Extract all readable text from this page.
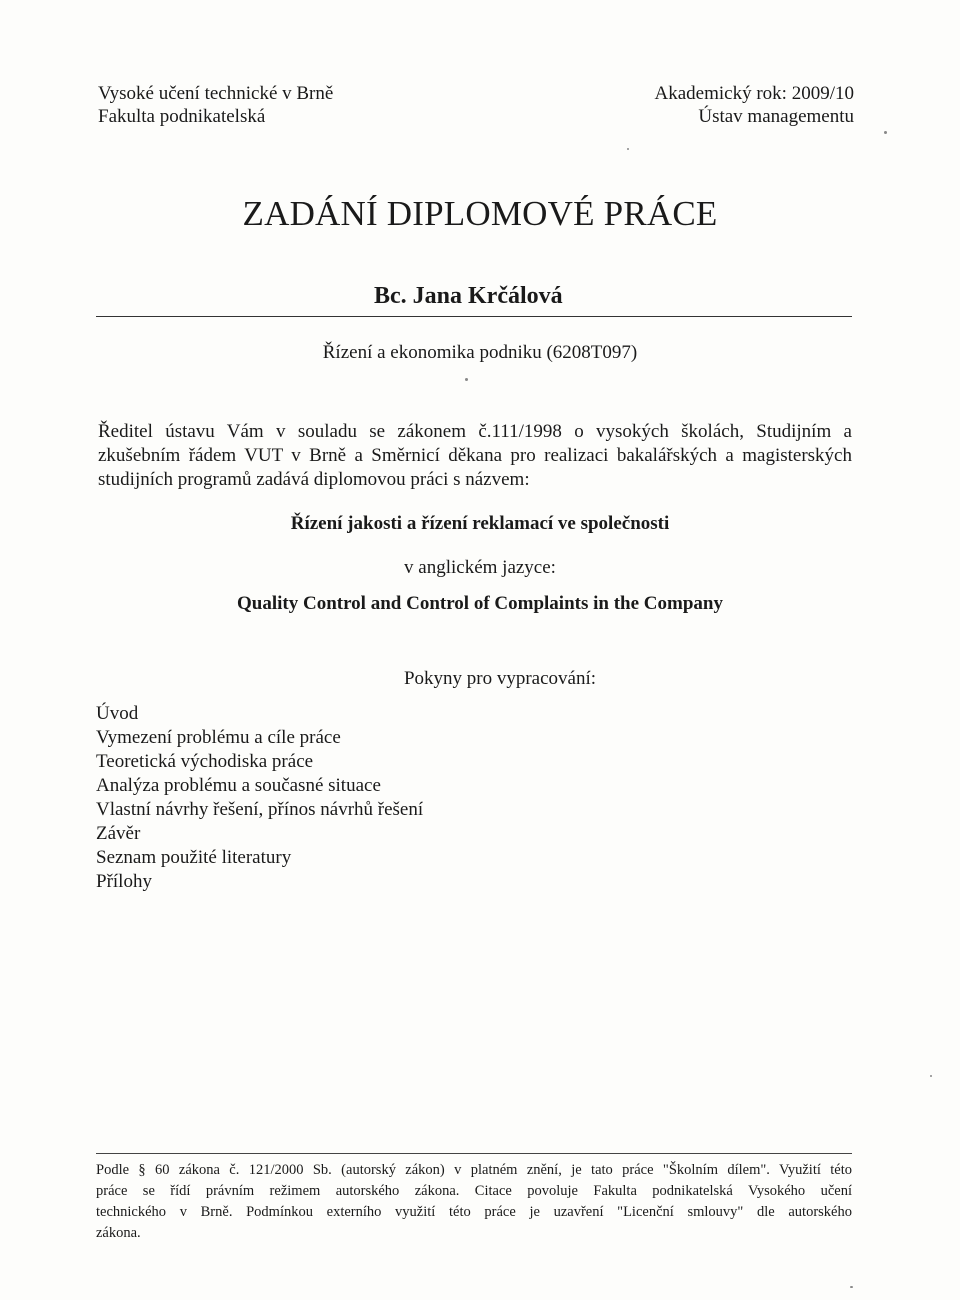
Vysoké učení technické v Brně
Fakulta podnikatelská
Akademický rok: 2009/10
Ústav managementu
ZADÁNÍ DIPLOMOVÉ PRÁCE
Bc. Jana Krčálová
Řízení a ekonomika podniku (6208T097)
Ředitel ústavu Vám v souladu se zákonem č.111/1998 o vysokých školách, Studijním a
zkušebním řádem VUT v Brně a Směrnicí děkana pro realizaci bakalářských a magisterských
studijních programů zadává diplomovou práci s názvem:
Řízení jakosti a řízení reklamací ve společnosti
v anglickém jazyce:
Quality Control and Control of Complaints in the Company
Pokyny pro vypracování:
Úvod
Vymezení problému a cíle práce
Teoretická východiska práce
Analýza problému a současné situace
Vlastní návrhy řešení, přínos návrhů řešení
Závěr
Seznam použité literatury
Přílohy
Podle § 60 zákona č. 121/2000 Sb. (autorský zákon) v platném znění, je tato práce "Školním dílem". Využití této
práce se řídí právním režimem autorského zákona. Citace povoluje Fakulta podnikatelská Vysokého učení
technického v Brně. Podmínkou externího využití této práce je uzavření "Licenční smlouvy" dle autorského
zákona.
